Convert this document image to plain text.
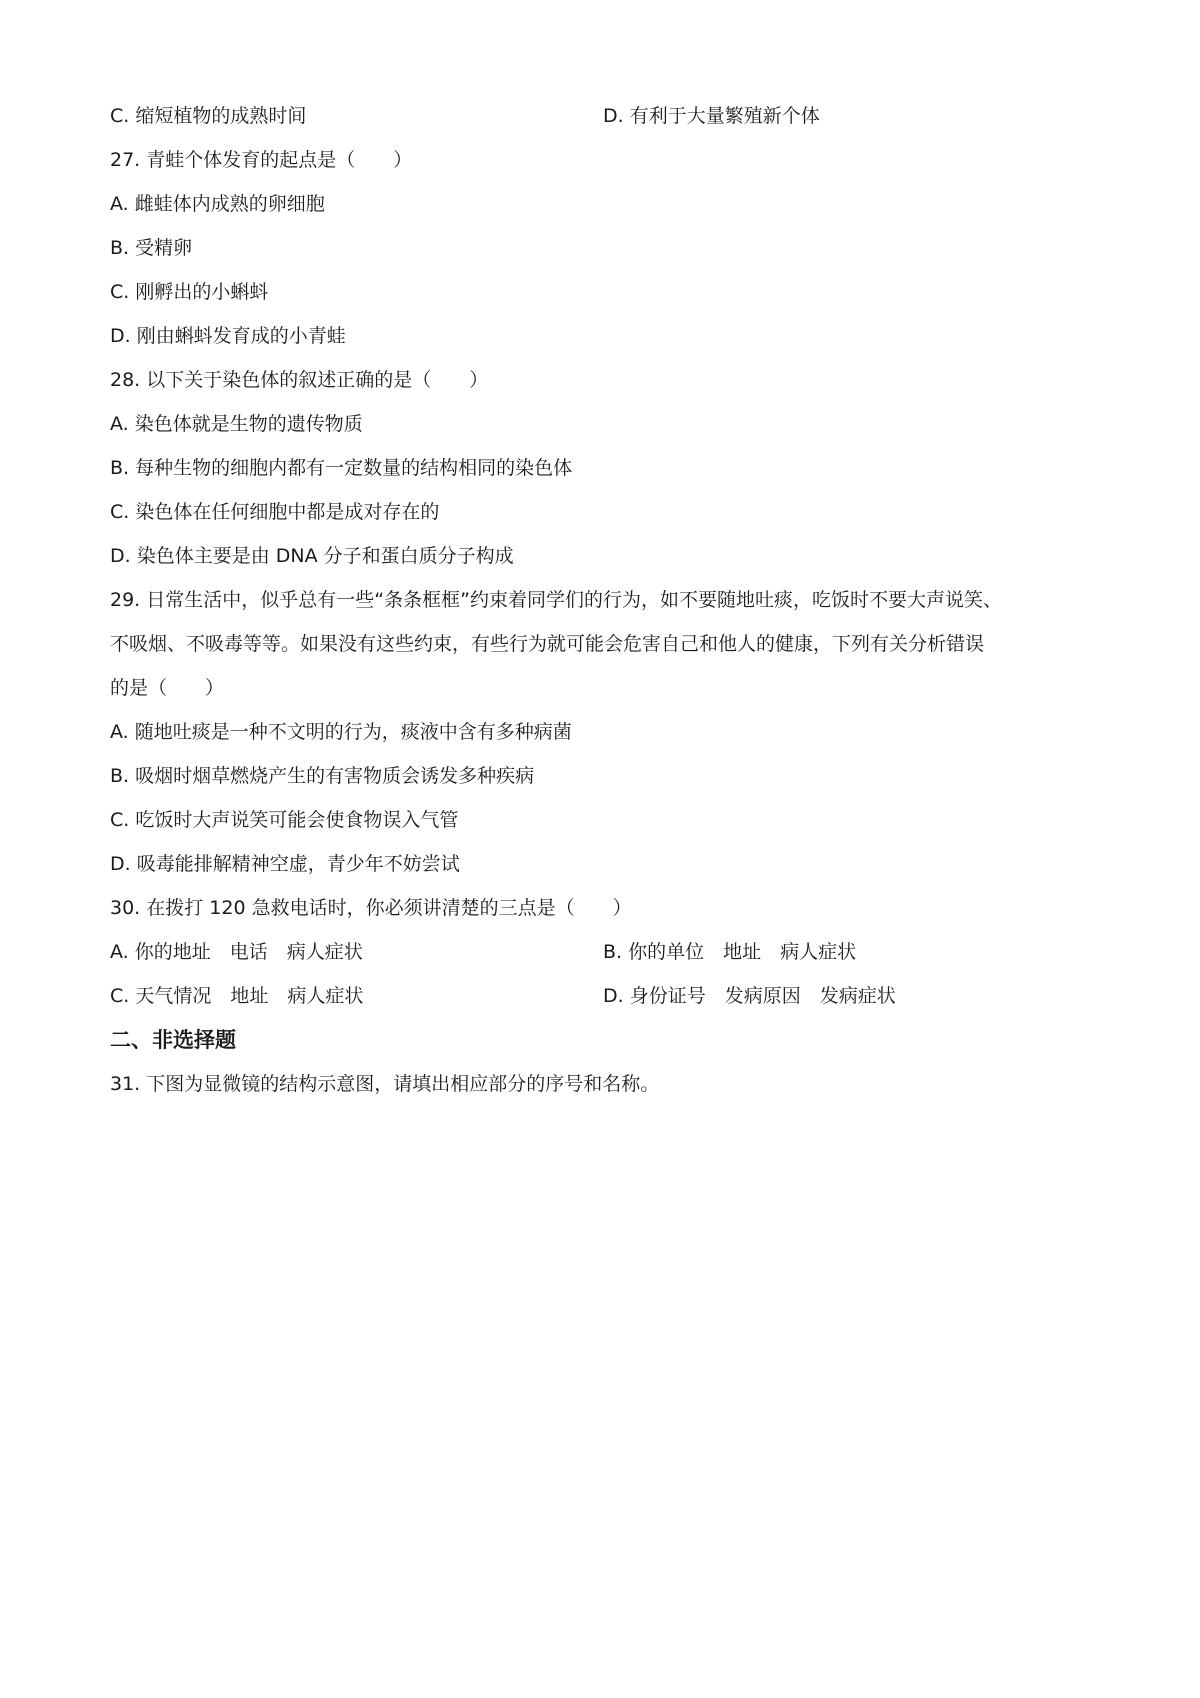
C. 缩短植物的成熟时间	D. 有利于大量繁殖新个体
27. 青蛙个体发育的起点是（　　）
A. 雌蛙体内成熟的卵细胞
B. 受精卵
C. 刚孵出的小蝌蚪
D. 刚由蝌蚪发育成的小青蛙
28. 以下关于染色体的叙述正确的是（　　）
A. 染色体就是生物的遗传物质
B. 每种生物的细胞内都有一定数量的结构相同的染色体
C. 染色体在任何细胞中都是成对存在的
D. 染色体主要是由 DNA 分子和蛋白质分子构成
29. 日常生活中，似乎总有一些“条条框框”约束着同学们的行为，如不要随地吐痰，吃饭时不要大声说笑、
不吸烟、不吸毒等等。如果没有这些约束，有些行为就可能会危害自己和他人的健康，下列有关分析错误
的是（　　）
A. 随地吐痰是一种不文明的行为，痰液中含有多种病菌
B. 吸烟时烟草燃烧产生的有害物质会诱发多种疾病
C. 吃饭时大声说笑可能会使食物误入气管
D. 吸毒能排解精神空虚，青少年不妨尝试
30. 在拨打 120 急救电话时，你必须讲清楚的三点是（　　）
A. 你的地址　电话　病人症状	B. 你的单位　地址　病人症状
C. 天气情况　地址　病人症状	D. 身份证号　发病原因　发病症状
二、非选择题
31. 下图为显微镜的结构示意图，请填出相应部分的序号和名称。
